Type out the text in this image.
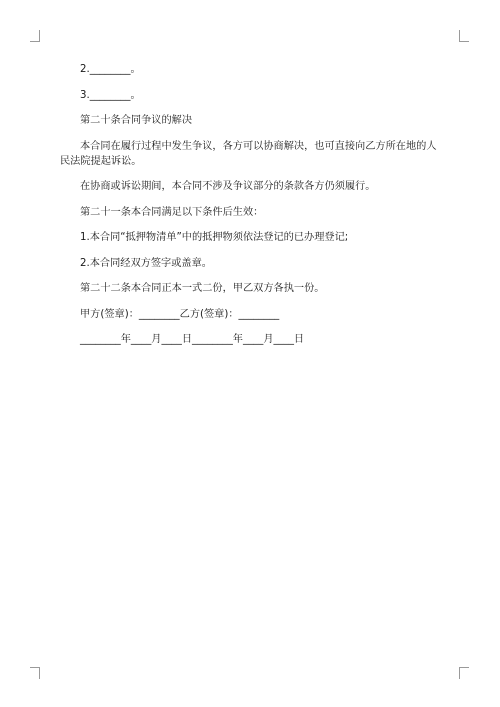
2.________。

3.________。

第二十条合同争议的解决

本合同在履行过程中发生争议，各方可以协商解决，也可直接向乙方所在地的人民法院提起诉讼。

在协商或诉讼期间，本合同不涉及争议部分的条款各方仍须履行。

第二十一条本合同满足以下条件后生效：

1.本合同“抵押物清单”中的抵押物须依法登记的已办理登记;

2.本合同经双方签字或盖章。

第二十二条本合同正本一式二份，甲乙双方各执一份。

甲方(签章)：________乙方(签章)：________

________年____月____日________年____月____日
